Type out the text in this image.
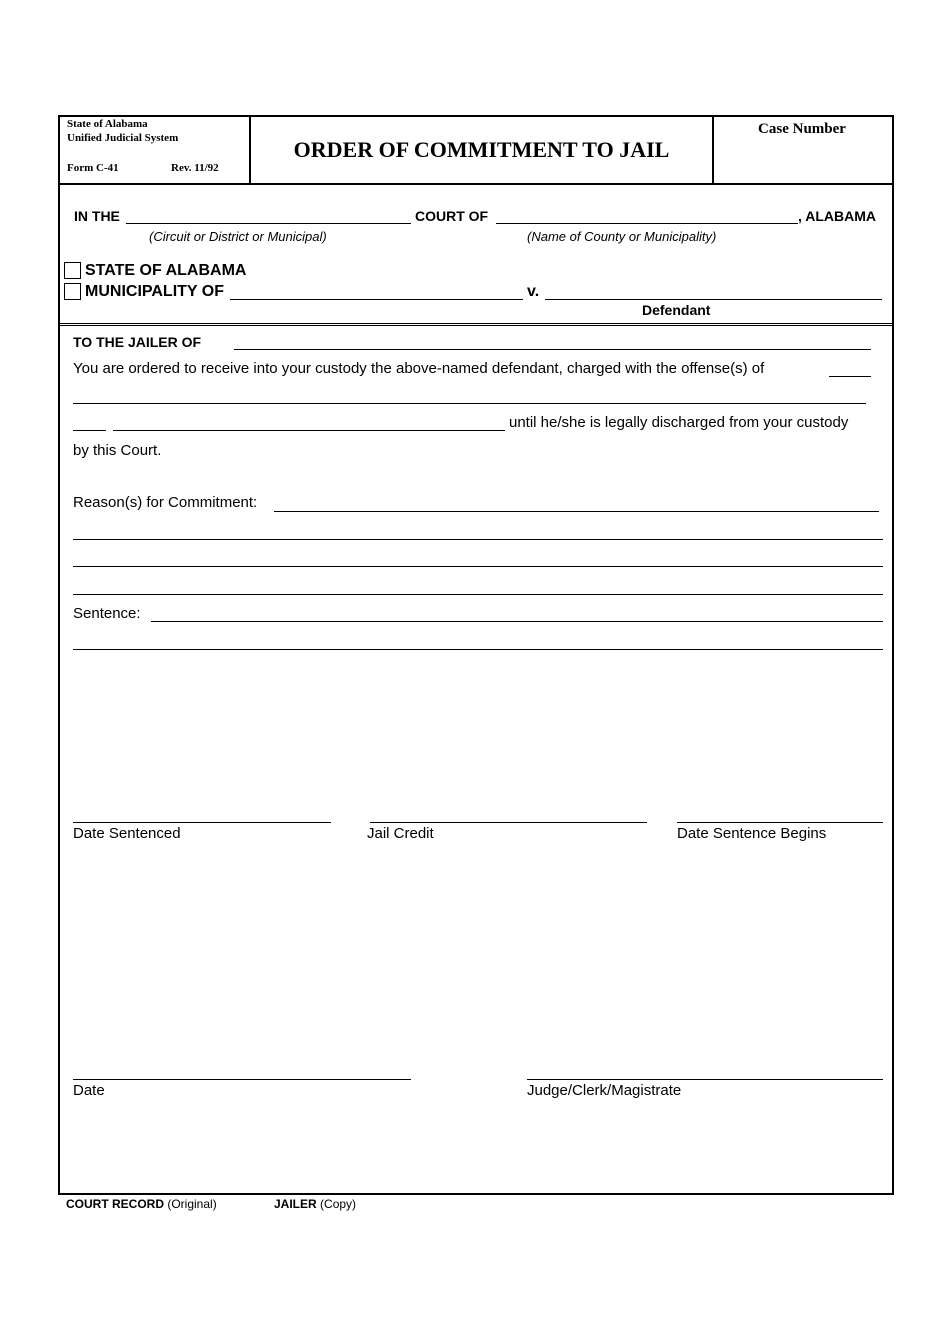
State of Alabama
Unified Judicial System
Form C-41	Rev. 11/92
ORDER OF COMMITMENT TO JAIL
Case Number
IN THE	COURT OF	, ALABAMA
(Circuit or District or Municipal)	(Name of County or Municipality)
STATE OF ALABAMA
MUNICIPALITY OF	v.
Defendant
TO THE JAILER OF
You are ordered to receive into your custody the above-named defendant, charged with the offense(s) of
until he/she is legally discharged from your custody
by this Court.
Reason(s) for Commitment:
Sentence:
Date Sentenced	Jail Credit	Date Sentence Begins
Date	Judge/Clerk/Magistrate
COURT RECORD (Original)	JAILER (Copy)
